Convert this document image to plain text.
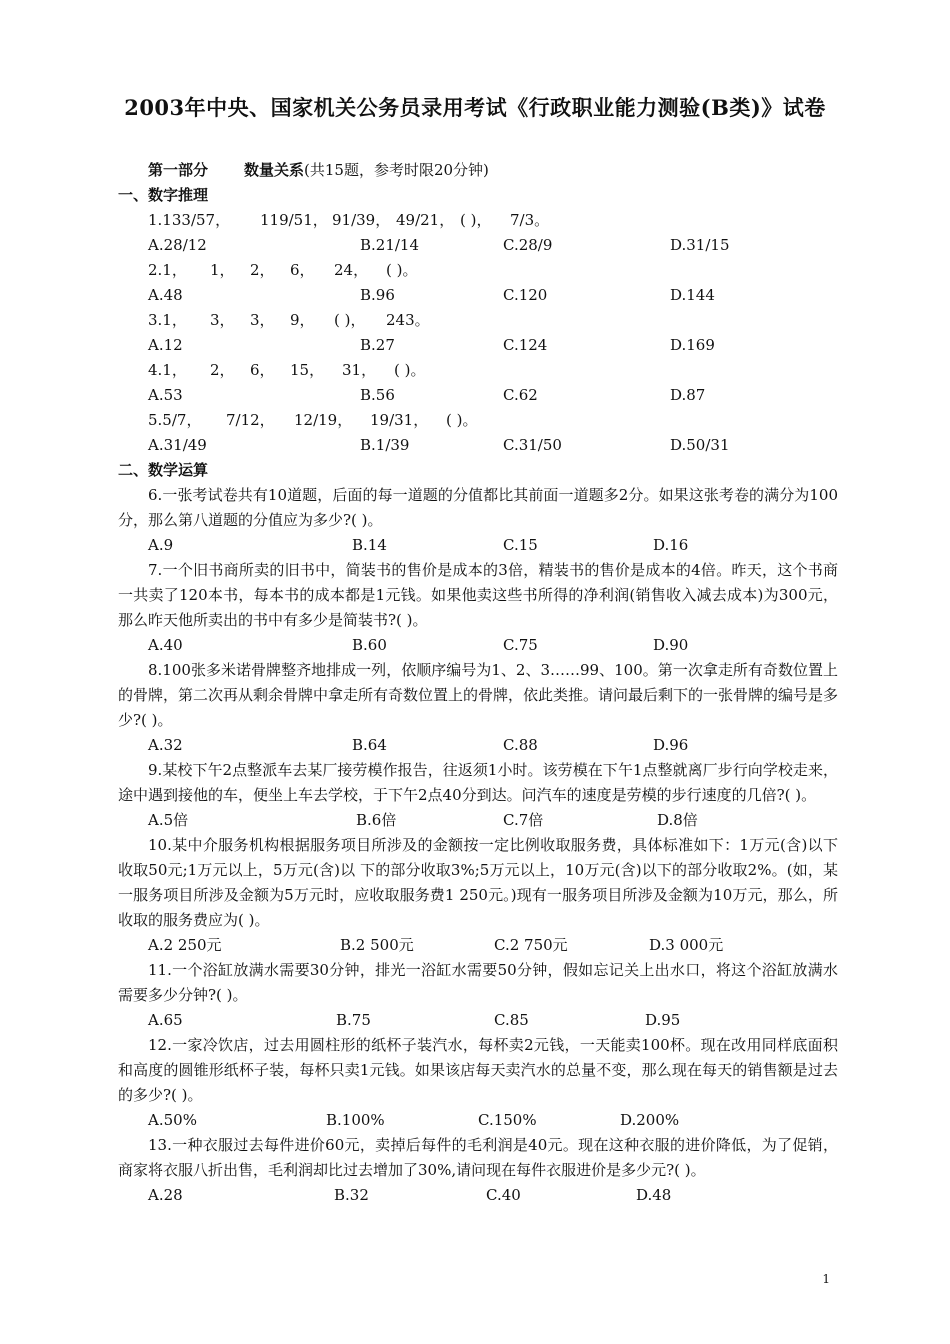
2003年中央、国家机关公务员录用考试《行政职业能力测验(B类)》试卷
第一部分 数量关系(共15题，参考时限20分钟)
一、数字推理
1.133/57， 119/51， 91/39， 49/21， ( )， 7/3。
A.28/12	B.21/14	C.28/9	D.31/15
2.1， 1， 2， 6， 24， ( )。
A.48	B.96	C.120	D.144
3.1， 3， 3， 9， ( )， 243。
A.12	B.27	C.124	D.169
4.1， 2， 6， 15， 31， ( )。
A.53	B.56	C.62	D.87
5.5/7， 7/12， 12/19， 19/31， ( )。
A.31/49	B.1/39	C.31/50	D.50/31
二、数学运算
6.一张考试卷共有10道题，后面的每一道题的分值都比其前面一道题多2分。如果这张考卷的满分为100分，那么第八道题的分值应为多少?( )。
A.9	B.14	C.15	D.16
7.一个旧书商所卖的旧书中，简装书的售价是成本的3倍，精装书的售价是成本的4倍。昨天，这个书商一共卖了120本书，每本书的成本都是1元钱。如果他卖这些书所得的净利润(销售收入减去成本)为300元，那么昨天他所卖出的书中有多少是简装书?( )。
A.40	B.60	C.75	D.90
8.100张多米诺骨牌整齐地排成一列，依顺序编号为1、2、3……99、100。第一次拿走所有奇数位置上的骨牌，第二次再从剩余骨牌中拿走所有奇数位置上的骨牌，依此类推。请问最后剩下的一张骨牌的编号是多少?( )。
A.32	B.64	C.88	D.96
9.某校下午2点整派车去某厂接劳模作报告，往返须1小时。该劳模在下午1点整就离厂步行向学校走来，途中遇到接他的车，便坐上车去学校，于下午2点40分到达。问汽车的速度是劳模的步行速度的几倍?( )。
A.5倍	B.6倍	C.7倍	D.8倍
10.某中介服务机构根据服务项目所涉及的金额按一定比例收取服务费，具体标准如下：1万元(含)以下收取50元;1万元以上，5万元(含)以 下的部分收取3%;5万元以上，10万元(含)以下的部分收取2%。(如，某一服务项目所涉及金额为5万元时，应收取服务费1 250元。)现有一服务项目所涉及金额为10万元，那么，所收取的服务费应为( )。
A.2 250元	B.2 500元	C.2 750元	D.3 000元
11.一个浴缸放满水需要30分钟，排光一浴缸水需要50分钟，假如忘记关上出水口，将这个浴缸放满水需要多少分钟?( )。
A.65	B.75	C.85	D.95
12.一家冷饮店，过去用圆柱形的纸杯子装汽水，每杯卖2元钱，一天能卖100杯。现在改用同样底面积和高度的圆锥形纸杯子装，每杯只卖1元钱。如果该店每天卖汽水的总量不变，那么现在每天的销售额是过去的多少?( )。
A.50%	B.100%	C.150%	D.200%
13.一种衣服过去每件进价60元，卖掉后每件的毛利润是40元。现在这种衣服的进价降低，为了促销，商家将衣服八折出售，毛利润却比过去增加了30%,请问现在每件衣服进价是多少元?( )。
A.28	B.32	C.40	D.48
1
